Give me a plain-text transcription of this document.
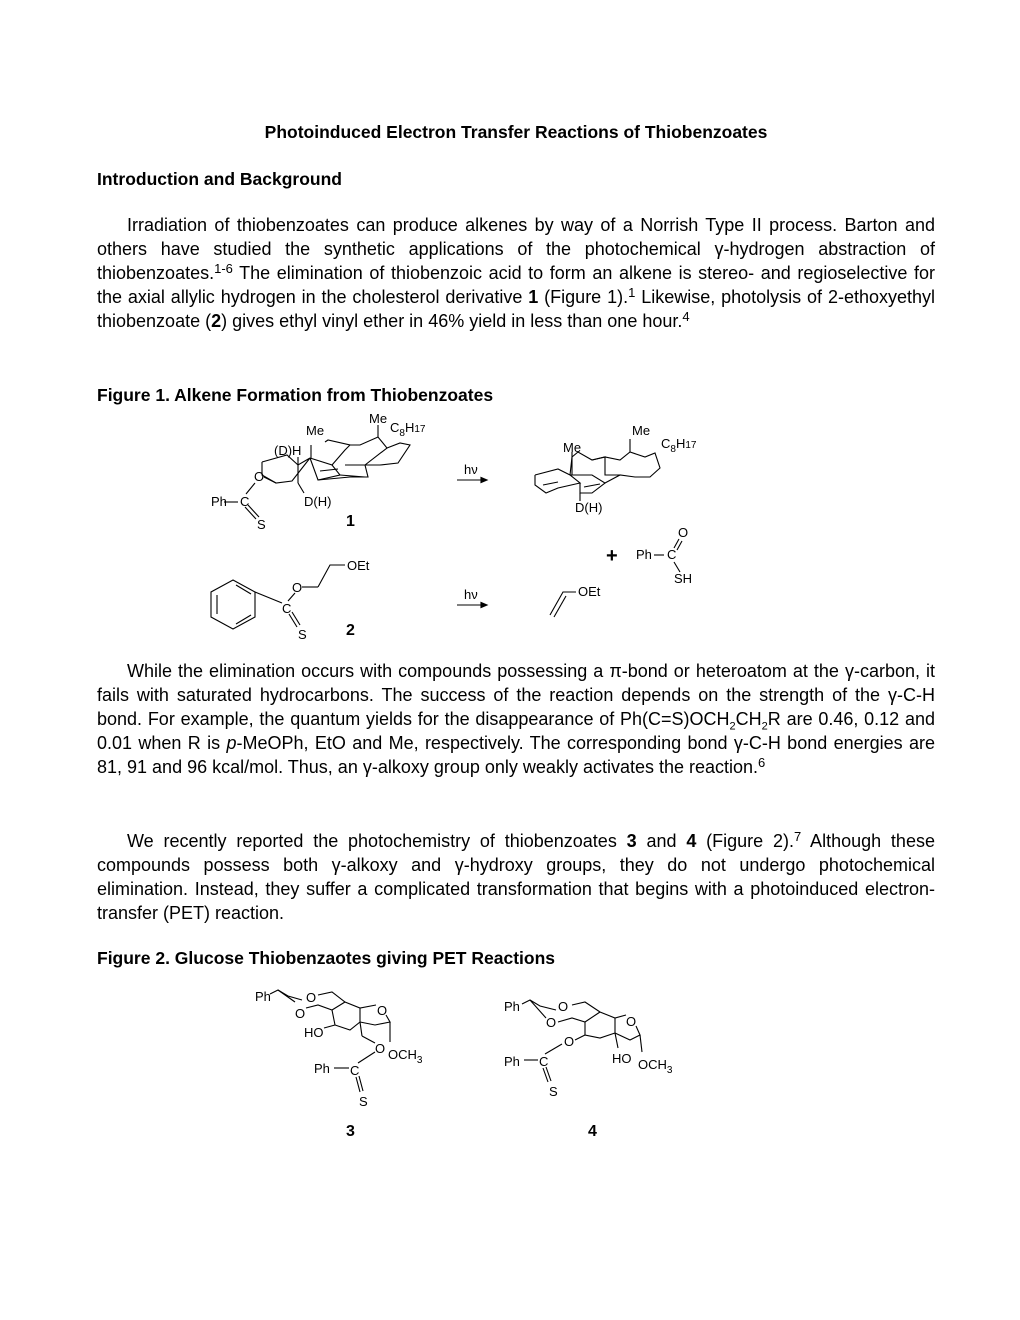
Photoinduced Electron Transfer Reactions of Thiobenzoates
Introduction and Background
Irradiation of thiobenzoates can produce alkenes by way of a Norrish Type II process. Barton and others have studied the synthetic applications of the photochemical γ-hydrogen abstraction of thiobenzoates.$^{1-6}$ The elimination of thiobenzoic acid to form an alkene is stereo- and regioselective for the axial allylic hydrogen in the cholesterol derivative 1 (Figure 1).$^1$ Likewise, photolysis of 2-ethoxyethyl thiobenzoate (2) gives ethyl vinyl ether in 46% yield in less than one hour.$^4$
Figure 1. Alkene Formation from Thiobenzoates
Me
Me
$C_8H17$
(D)H
O
Ph C
S
D(H)
1
hν
Me
Me
$C_8H17$
D(H)
+ Ph C
O
SH
O
OEt
C
S 2
hν	OEt
While the elimination occurs with compounds possessing a π-bond or heteroatom at the γ-carbon, it fails with saturated hydrocarbons. The success of the reaction depends on the strength of the γ-C-H bond. For example, the quantum yields for the disappearance of $Ph(C=S)OCH_2CH_2R$ are 0.46, 0.12 and 0.01 when R is p-MeOPh, EtO and Me, respectively. The corresponding bond γ-C-H bond energies are 81, 91 and 96 kcal/mol. Thus, an γ-alkoxy group only weakly activates the reaction.$^6$
We recently reported the photochemistry of thiobenzoates 3 and 4 (Figure 2).$^7$ Although these compounds possess both γ-alkoxy and γ-hydroxy groups, they do not undergo photochemical elimination. Instead, they suffer a complicated transformation that begins with a photoinduced electron-transfer (PET) reaction.
Figure 2. Glucose Thiobenzaotes giving PET Reactions
Ph	O
O	O
HO
O $OCH_3$
Ph C
S
3
Ph	O
O	O
O
Ph C
S
HO $OCH_3$
4
